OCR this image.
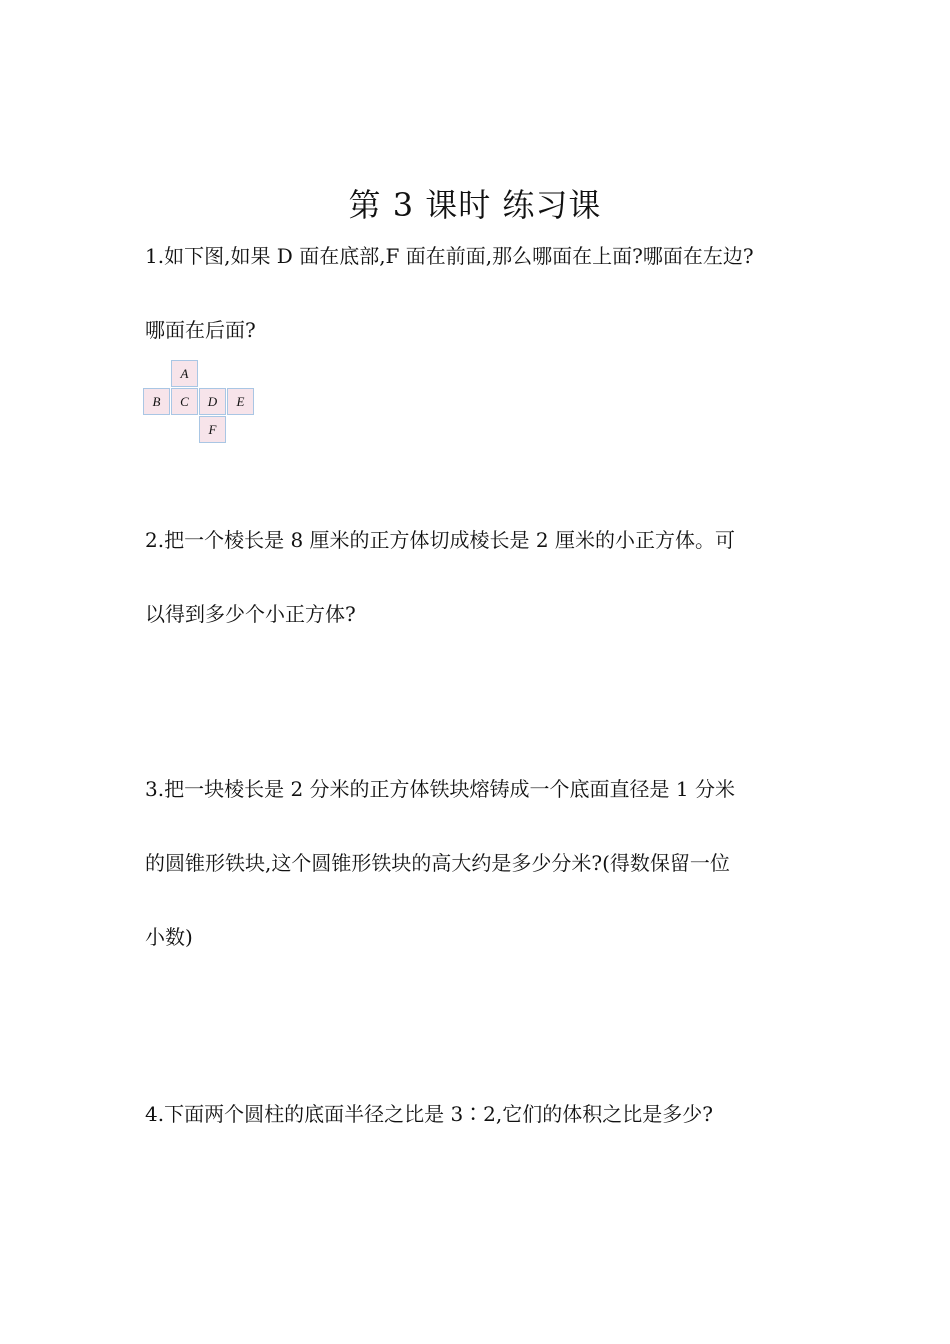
第 3 课时 练习课
1.如下图,如果 D 面在底部,F 面在前面,那么哪面在上面?哪面在左边?
哪面在后面?
A
B	C	D	E
F
2.把一个棱长是 8 厘米的正方体切成棱长是 2 厘米的小正方体。可
以得到多少个小正方体?
3.把一块棱长是 2 分米的正方体铁块熔铸成一个底面直径是 1 分米
的圆锥形铁块,这个圆锥形铁块的高大约是多少分米?(得数保留一位
小数)
4.下面两个圆柱的底面半径之比是 3∶2,它们的体积之比是多少?
